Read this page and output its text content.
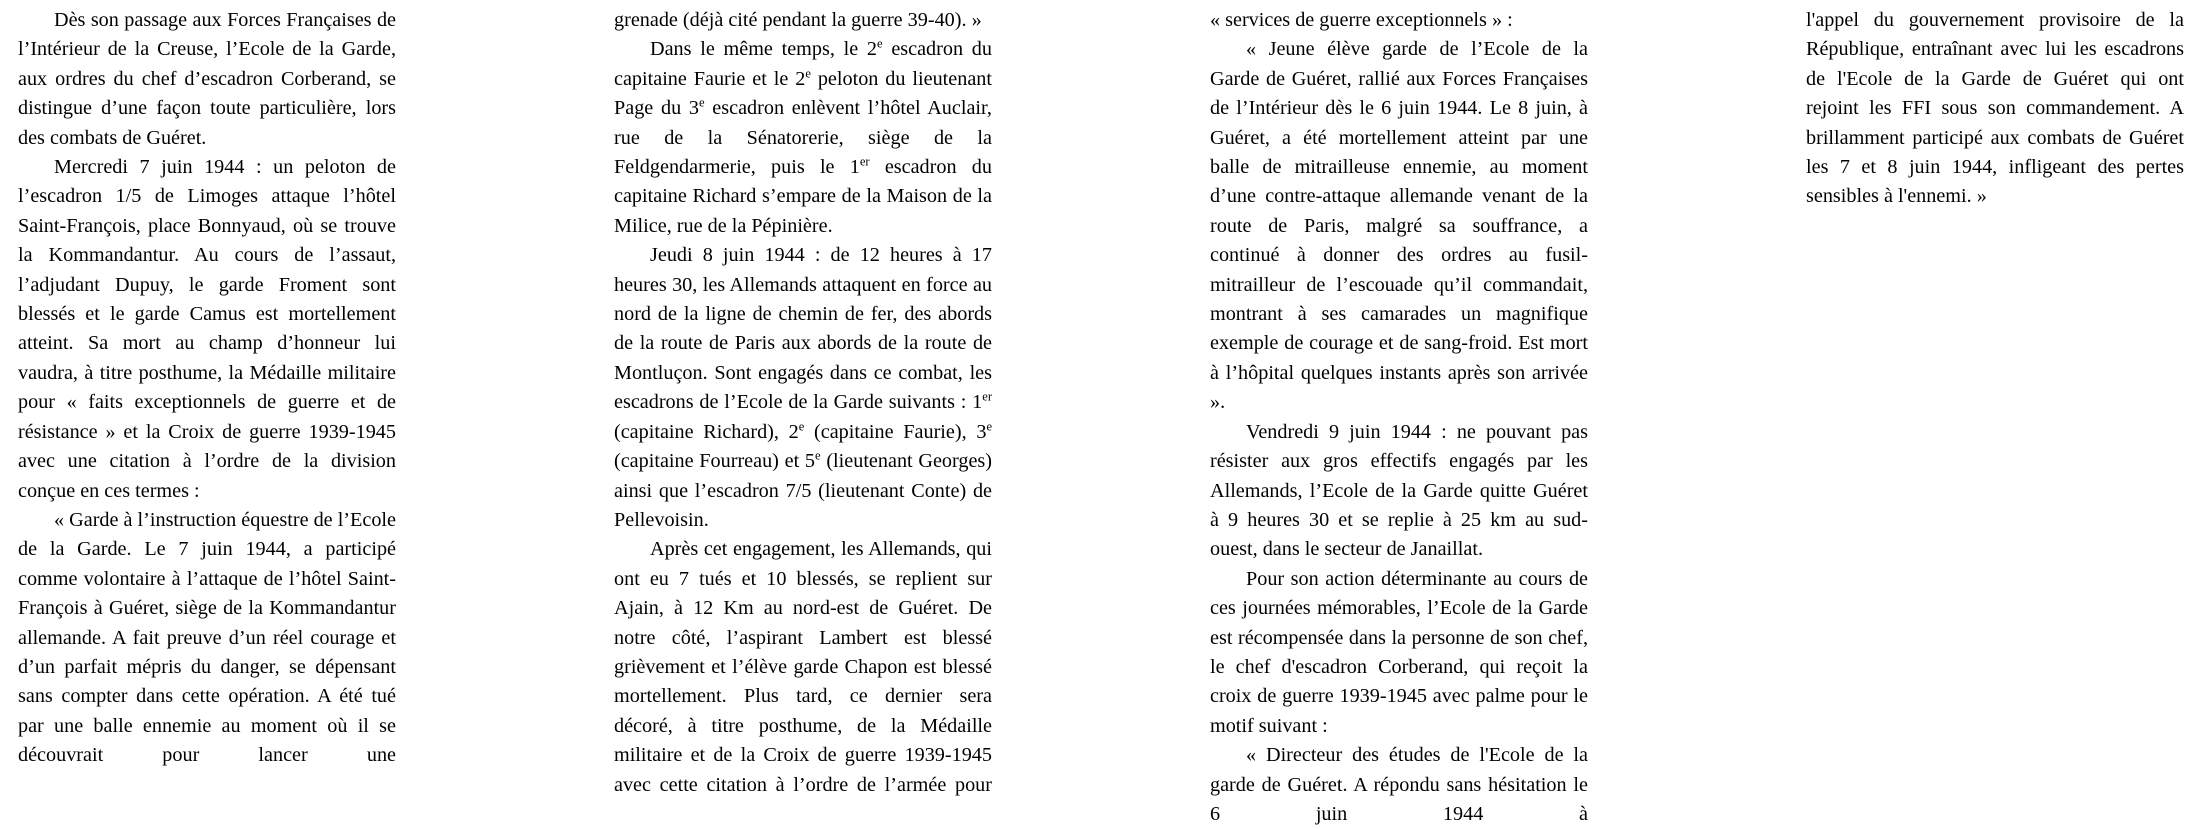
Dès son passage aux Forces Françaises de l’Intérieur de la Creuse, l’Ecole de la Garde, aux ordres du chef d’escadron Corberand, se distingue d’une façon toute particulière, lors des combats de Guéret.

Mercredi 7 juin 1944 : un peloton de l’escadron 1/5 de Limoges attaque l’hôtel Saint-François, place Bonnyaud, où se trouve la Kommandantur. Au cours de l’assaut, l’adjudant Dupuy, le garde Froment sont blessés et le garde Camus est mortellement atteint. Sa mort au champ d’honneur lui vaudra, à titre posthume, la Médaille militaire pour « faits exceptionnels de guerre et de résistance » et la Croix de guerre 1939-1945 avec une citation à l’ordre de la division conçue en ces termes :

« Garde à l’instruction équestre de l’Ecole de la Garde. Le 7 juin 1944, a participé comme volontaire à l’attaque de l’hôtel Saint-François à Guéret, siège de la Kommandantur allemande. A fait preuve d’un réel courage et d’un parfait mépris du danger, se dépensant sans compter dans cette opération. A été tué par une balle ennemie au moment où il se découvrait pour lancer une

grenade (déjà cité pendant la guerre 39-40). »

Dans le même temps, le 2e escadron du capitaine Faurie et le 2e peloton du lieutenant Page du 3e escadron enlèvent l’hôtel Auclair, rue de la Sénatorerie, siège de la Feldgendarmerie, puis le 1er escadron du capitaine Richard s’empare de la Maison de la Milice, rue de la Pépinière.

Jeudi 8 juin 1944 : de 12 heures à 17 heures 30, les Allemands attaquent en force au nord de la ligne de chemin de fer, des abords de la route de Paris aux abords de la route de Montluçon. Sont engagés dans ce combat, les escadrons de l’Ecole de la Garde suivants : 1er (capitaine Richard), 2e (capitaine Faurie), 3e (capitaine Fourreau) et 5e (lieutenant Georges) ainsi que l’escadron 7/5 (lieutenant Conte) de Pellevoisin.

Après cet engagement, les Allemands, qui ont eu 7 tués et 10 blessés, se replient sur Ajain, à 12 Km au nord-est de Guéret. De notre côté, l’aspirant Lambert est blessé grièvement et l’élève garde Chapon est blessé mortellement. Plus tard, ce dernier sera décoré, à titre posthume, de la Médaille militaire et de la Croix de guerre 1939-1945 avec cette citation à l’ordre de l’armée pour

« services de guerre exceptionnels » :

« Jeune élève garde de l’Ecole de la Garde de Guéret, rallié aux Forces Françaises de l’Intérieur dès le 6 juin 1944. Le 8 juin, à Guéret, a été mortellement atteint par une balle de mitrailleuse ennemie, au moment d’une contre-attaque allemande venant de la route de Paris, malgré sa souffrance, a continué à donner des ordres au fusil-mitrailleur de l’escouade qu’il commandait, montrant à ses camarades un magnifique exemple de courage et de sang-froid. Est mort à l’hôpital quelques instants après son arrivée ».

Vendredi 9 juin 1944 : ne pouvant pas résister aux gros effectifs engagés par les Allemands, l’Ecole de la Garde quitte Guéret à 9 heures 30 et se replie à 25 km au sud-ouest, dans le secteur de Janaillat.

Pour son action déterminante au cours de ces journées mémorables, l’Ecole de la Garde est récompensée dans la personne de son chef, le chef d'escadron Corberand, qui reçoit la croix de guerre 1939-1945 avec palme pour le motif suivant :

« Directeur des études de l'Ecole de la garde de Guéret. A répondu sans hésitation le 6 juin 1944 à

l'appel du gouvernement provisoire de la République, entraînant avec lui les escadrons de l'Ecole de la Garde de Guéret qui ont rejoint les FFI sous son commandement. A brillamment participé aux combats de Guéret les 7 et 8 juin 1944, infligeant des pertes sensibles à l'ennemi. »
